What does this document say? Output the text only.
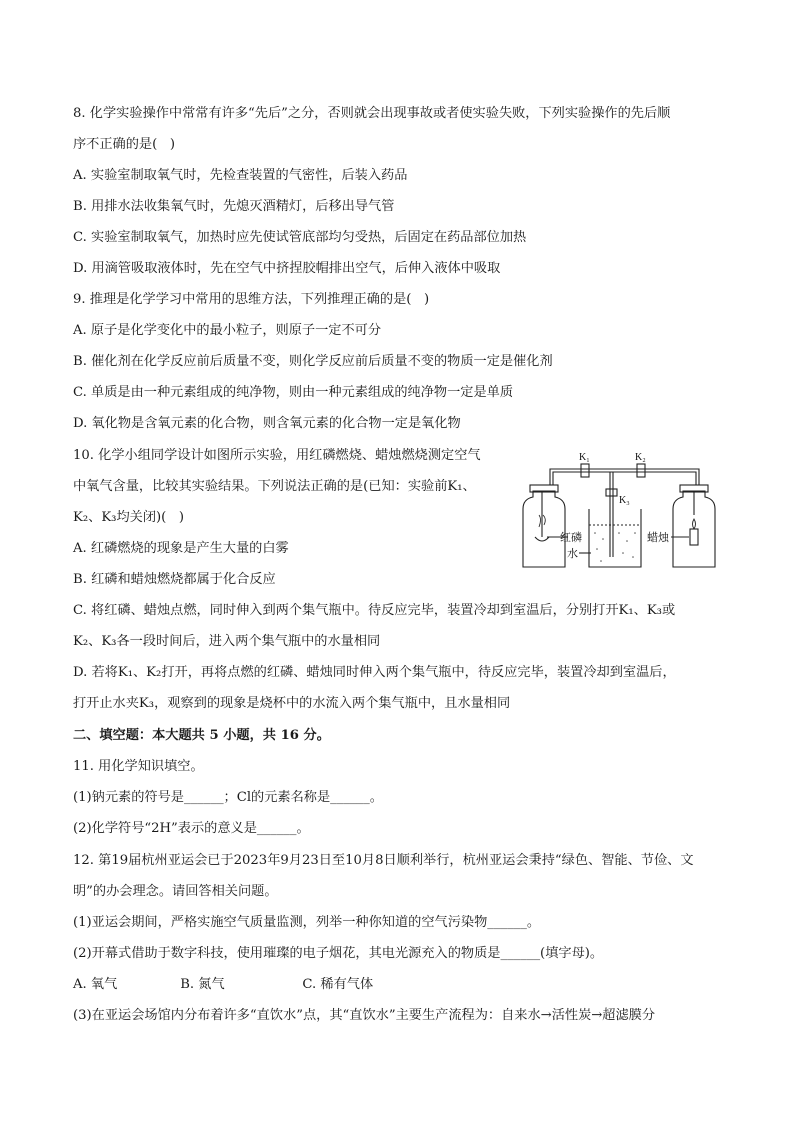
8. 化学实验操作中常常有许多“先后”之分，否则就会出现事故或者使实验失败，下列实验操作的先后顺
序不正确的是(   )
A. 实验室制取氧气时，先检查装置的气密性，后装入药品
B. 用排水法收集氧气时，先熄灭酒精灯，后移出导气管
C. 实验室制取氧气，加热时应先使试管底部均匀受热，后固定在药品部位加热
D. 用滴管吸取液体时，先在空气中挤捏胶帽排出空气，后伸入液体中吸取
9. 推理是化学学习中常用的思维方法，下列推理正确的是(   )
A. 原子是化学变化中的最小粒子，则原子一定不可分
B. 催化剂在化学反应前后质量不变，则化学反应前后质量不变的物质一定是催化剂
C. 单质是由一种元素组成的纯净物，则由一种元素组成的纯净物一定是单质
D. 氧化物是含氧元素的化合物，则含氧元素的化合物一定是氧化物
10. 化学小组同学设计如图所示实验，用红磷燃烧、蜡烛燃烧测定空气
中氧气含量，比较其实验结果。下列说法正确的是(已知：实验前K₁、
K₂、K₃均关闭)(   )
A. 红磷燃烧的现象是产生大量的白雾
B. 红磷和蜡烛燃烧都属于化合反应
C. 将红磷、蜡烛点燃，同时伸入到两个集气瓶中。待反应完毕，装置冷却到室温后，分别打开K₁、K₃或
K₂、K₃各一段时间后，进入两个集气瓶中的水量相同
D. 若将K₁、K₂打开，再将点燃的红磷、蜡烛同时伸入两个集气瓶中，待反应完毕，装置冷却到室温后，
打开止水夹K₃，观察到的现象是烧杯中的水流入两个集气瓶中，且水量相同
K₁	K₂
K₃
红磷
水
蜡烛
二、填空题：本大题共 5 小题，共 16 分。
11. 用化学知识填空。
(1)钠元素的符号是______；Cl的元素名称是______。
(2)化学符号“2H”表示的意义是______。
12. 第19届杭州亚运会已于2023年9月23日至10月8日顺利举行，杭州亚运会秉持“绿色、智能、节俭、文
明”的办会理念。请回答相关问题。
(1)亚运会期间，严格实施空气质量监测，列举一种你知道的空气污染物______。
(2)开幕式借助于数字科技，使用璀璨的电子烟花，其电光源充入的物质是______(填字母)。
A. 氧气	B. 氮气	C. 稀有气体
(3)在亚运会场馆内分布着许多“直饮水”点，其“直饮水”主要生产流程为：自来水→活性炭→超滤膜分
